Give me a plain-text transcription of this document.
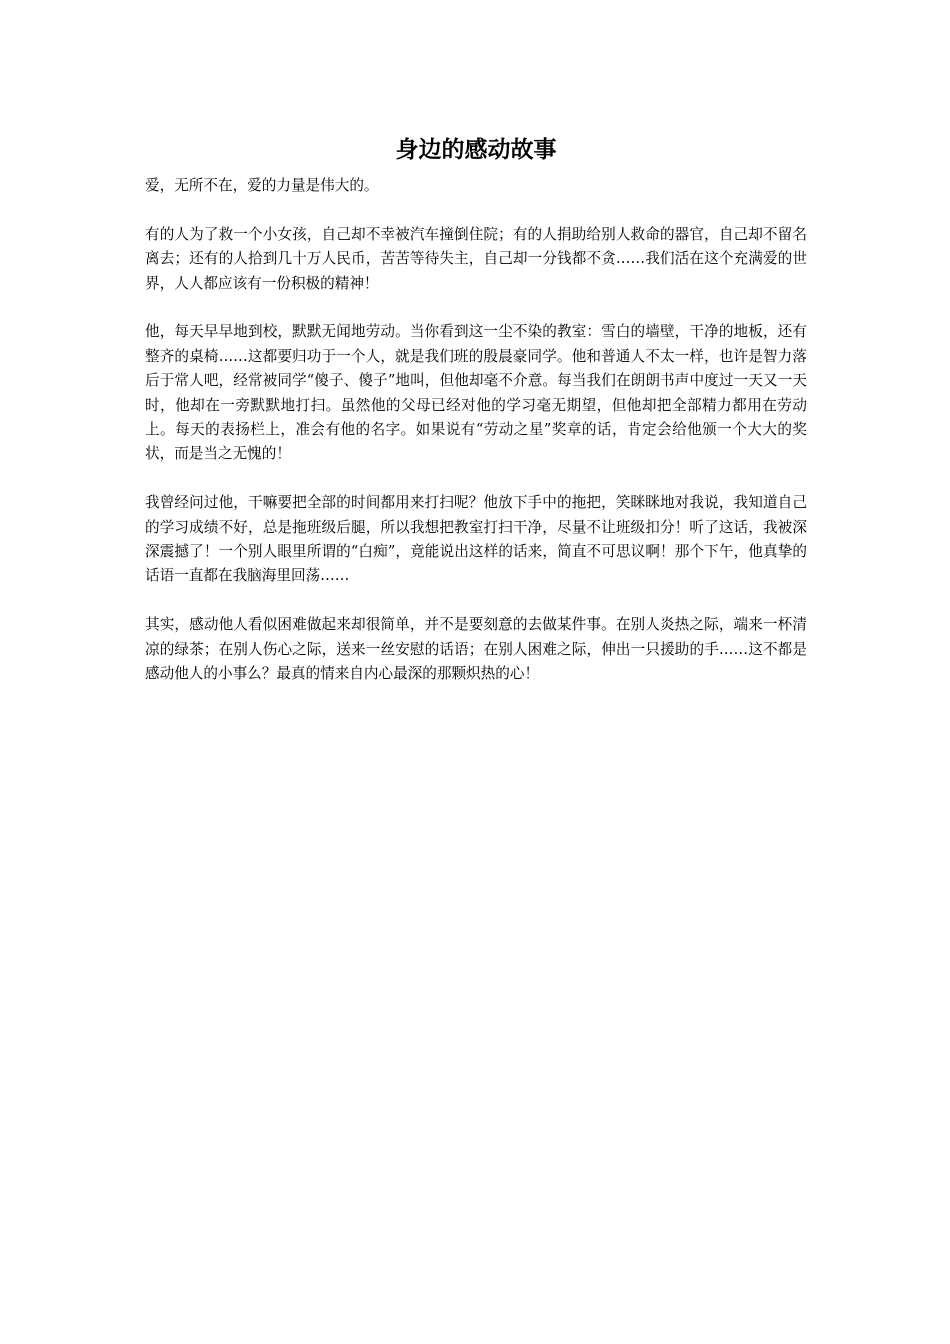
身边的感动故事

爱，无所不在，爱的力量是伟大的。

有的人为了救一个小女孩，自己却不幸被汽车撞倒住院；有的人捐助给别人救命的器官，自己却不留名离去；还有的人拾到几十万人民币，苦苦等待失主，自己却一分钱都不贪……我们活在这个充满爱的世界，人人都应该有一份积极的精神！

他，每天早早地到校，默默无闻地劳动。当你看到这一尘不染的教室：雪白的墙壁，干净的地板，还有整齐的桌椅……这都要归功于一个人，就是我们班的殷晨豪同学。他和普通人不太一样，也许是智力落后于常人吧，经常被同学“傻子、傻子”地叫，但他却毫不介意。每当我们在朗朗书声中度过一天又一天时，他却在一旁默默地打扫。虽然他的父母已经对他的学习毫无期望，但他却把全部精力都用在劳动上。每天的表扬栏上，准会有他的名字。如果说有“劳动之星”奖章的话，肯定会给他颁一个大大的奖状，而是当之无愧的！

我曾经问过他，干嘛要把全部的时间都用来打扫呢？他放下手中的拖把，笑眯眯地对我说，我知道自己的学习成绩不好，总是拖班级后腿，所以我想把教室打扫干净，尽量不让班级扣分！听了这话，我被深深震撼了！一个别人眼里所谓的“白痴”，竟能说出这样的话来，简直不可思议啊！那个下午，他真挚的话语一直都在我脑海里回荡……

其实，感动他人看似困难做起来却很简单，并不是要刻意的去做某件事。在别人炎热之际，端来一杯清凉的绿茶；在别人伤心之际，送来一丝安慰的话语；在别人困难之际，伸出一只援助的手……这不都是感动他人的小事么？最真的情来自内心最深的那颗炽热的心！
